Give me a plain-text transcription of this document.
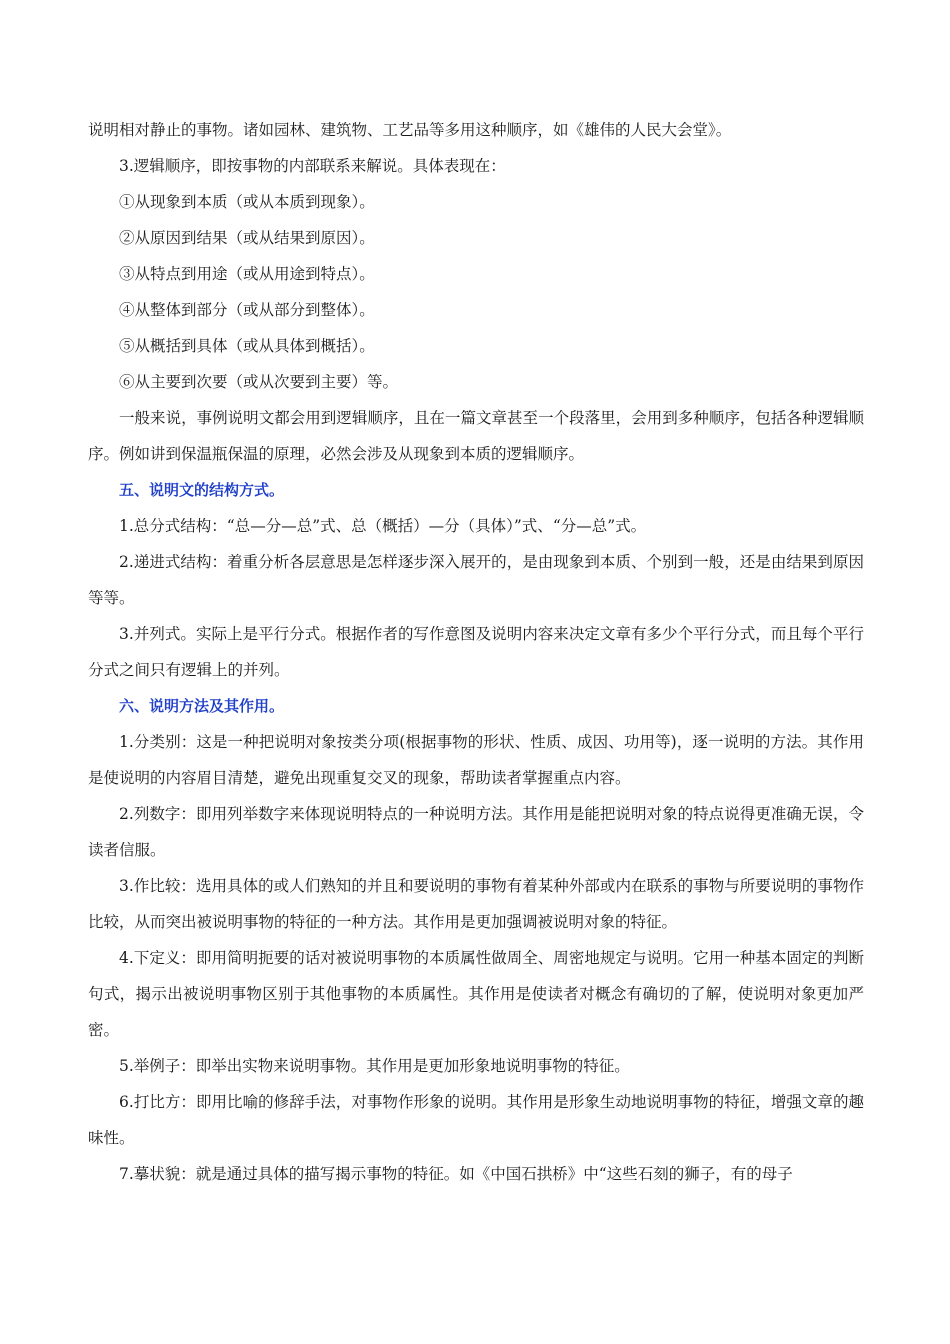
说明相对静止的事物。诸如园林、建筑物、工艺品等多用这种顺序，如《雄伟的人民大会堂》。

3.逻辑顺序，即按事物的内部联系来解说。具体表现在：

①从现象到本质（或从本质到现象）。

②从原因到结果（或从结果到原因）。

③从特点到用途（或从用途到特点）。

④从整体到部分（或从部分到整体）。

⑤从概括到具体（或从具体到概括）。

⑥从主要到次要（或从次要到主要）等。

一般来说，事例说明文都会用到逻辑顺序，且在一篇文章甚至一个段落里，会用到多种顺序，包括各种逻辑顺序。例如讲到保温瓶保温的原理，必然会涉及从现象到本质的逻辑顺序。

五、说明文的结构方式。

1.总分式结构：“总—分—总”式、总（概括）—分（具体）”式、“分—总”式。

2.递进式结构：着重分析各层意思是怎样逐步深入展开的，是由现象到本质、个别到一般，还是由结果到原因等等。

3.并列式。实际上是平行分式。根据作者的写作意图及说明内容来决定文章有多少个平行分式，而且每个平行分式之间只有逻辑上的并列。

六、说明方法及其作用。

1.分类别：这是一种把说明对象按类分项(根据事物的形状、性质、成因、功用等)，逐一说明的方法。其作用是使说明的内容眉目清楚，避免出现重复交叉的现象，帮助读者掌握重点内容。

2.列数字：即用列举数字来体现说明特点的一种说明方法。其作用是能把说明对象的特点说得更准确无误，令读者信服。

3.作比较：选用具体的或人们熟知的并且和要说明的事物有着某种外部或内在联系的事物与所要说明的事物作比较，从而突出被说明事物的特征的一种方法。其作用是更加强调被说明对象的特征。

4.下定义：即用简明扼要的话对被说明事物的本质属性做周全、周密地规定与说明。它用一种基本固定的判断句式，揭示出被说明事物区别于其他事物的本质属性。其作用是使读者对概念有确切的了解，使说明对象更加严密。

5.举例子：即举出实物来说明事物。其作用是更加形象地说明事物的特征。

6.打比方：即用比喻的修辞手法，对事物作形象的说明。其作用是形象生动地说明事物的特征，增强文章的趣味性。

7.摹状貌：就是通过具体的描写揭示事物的特征。如《中国石拱桥》中“这些石刻的狮子，有的母子
